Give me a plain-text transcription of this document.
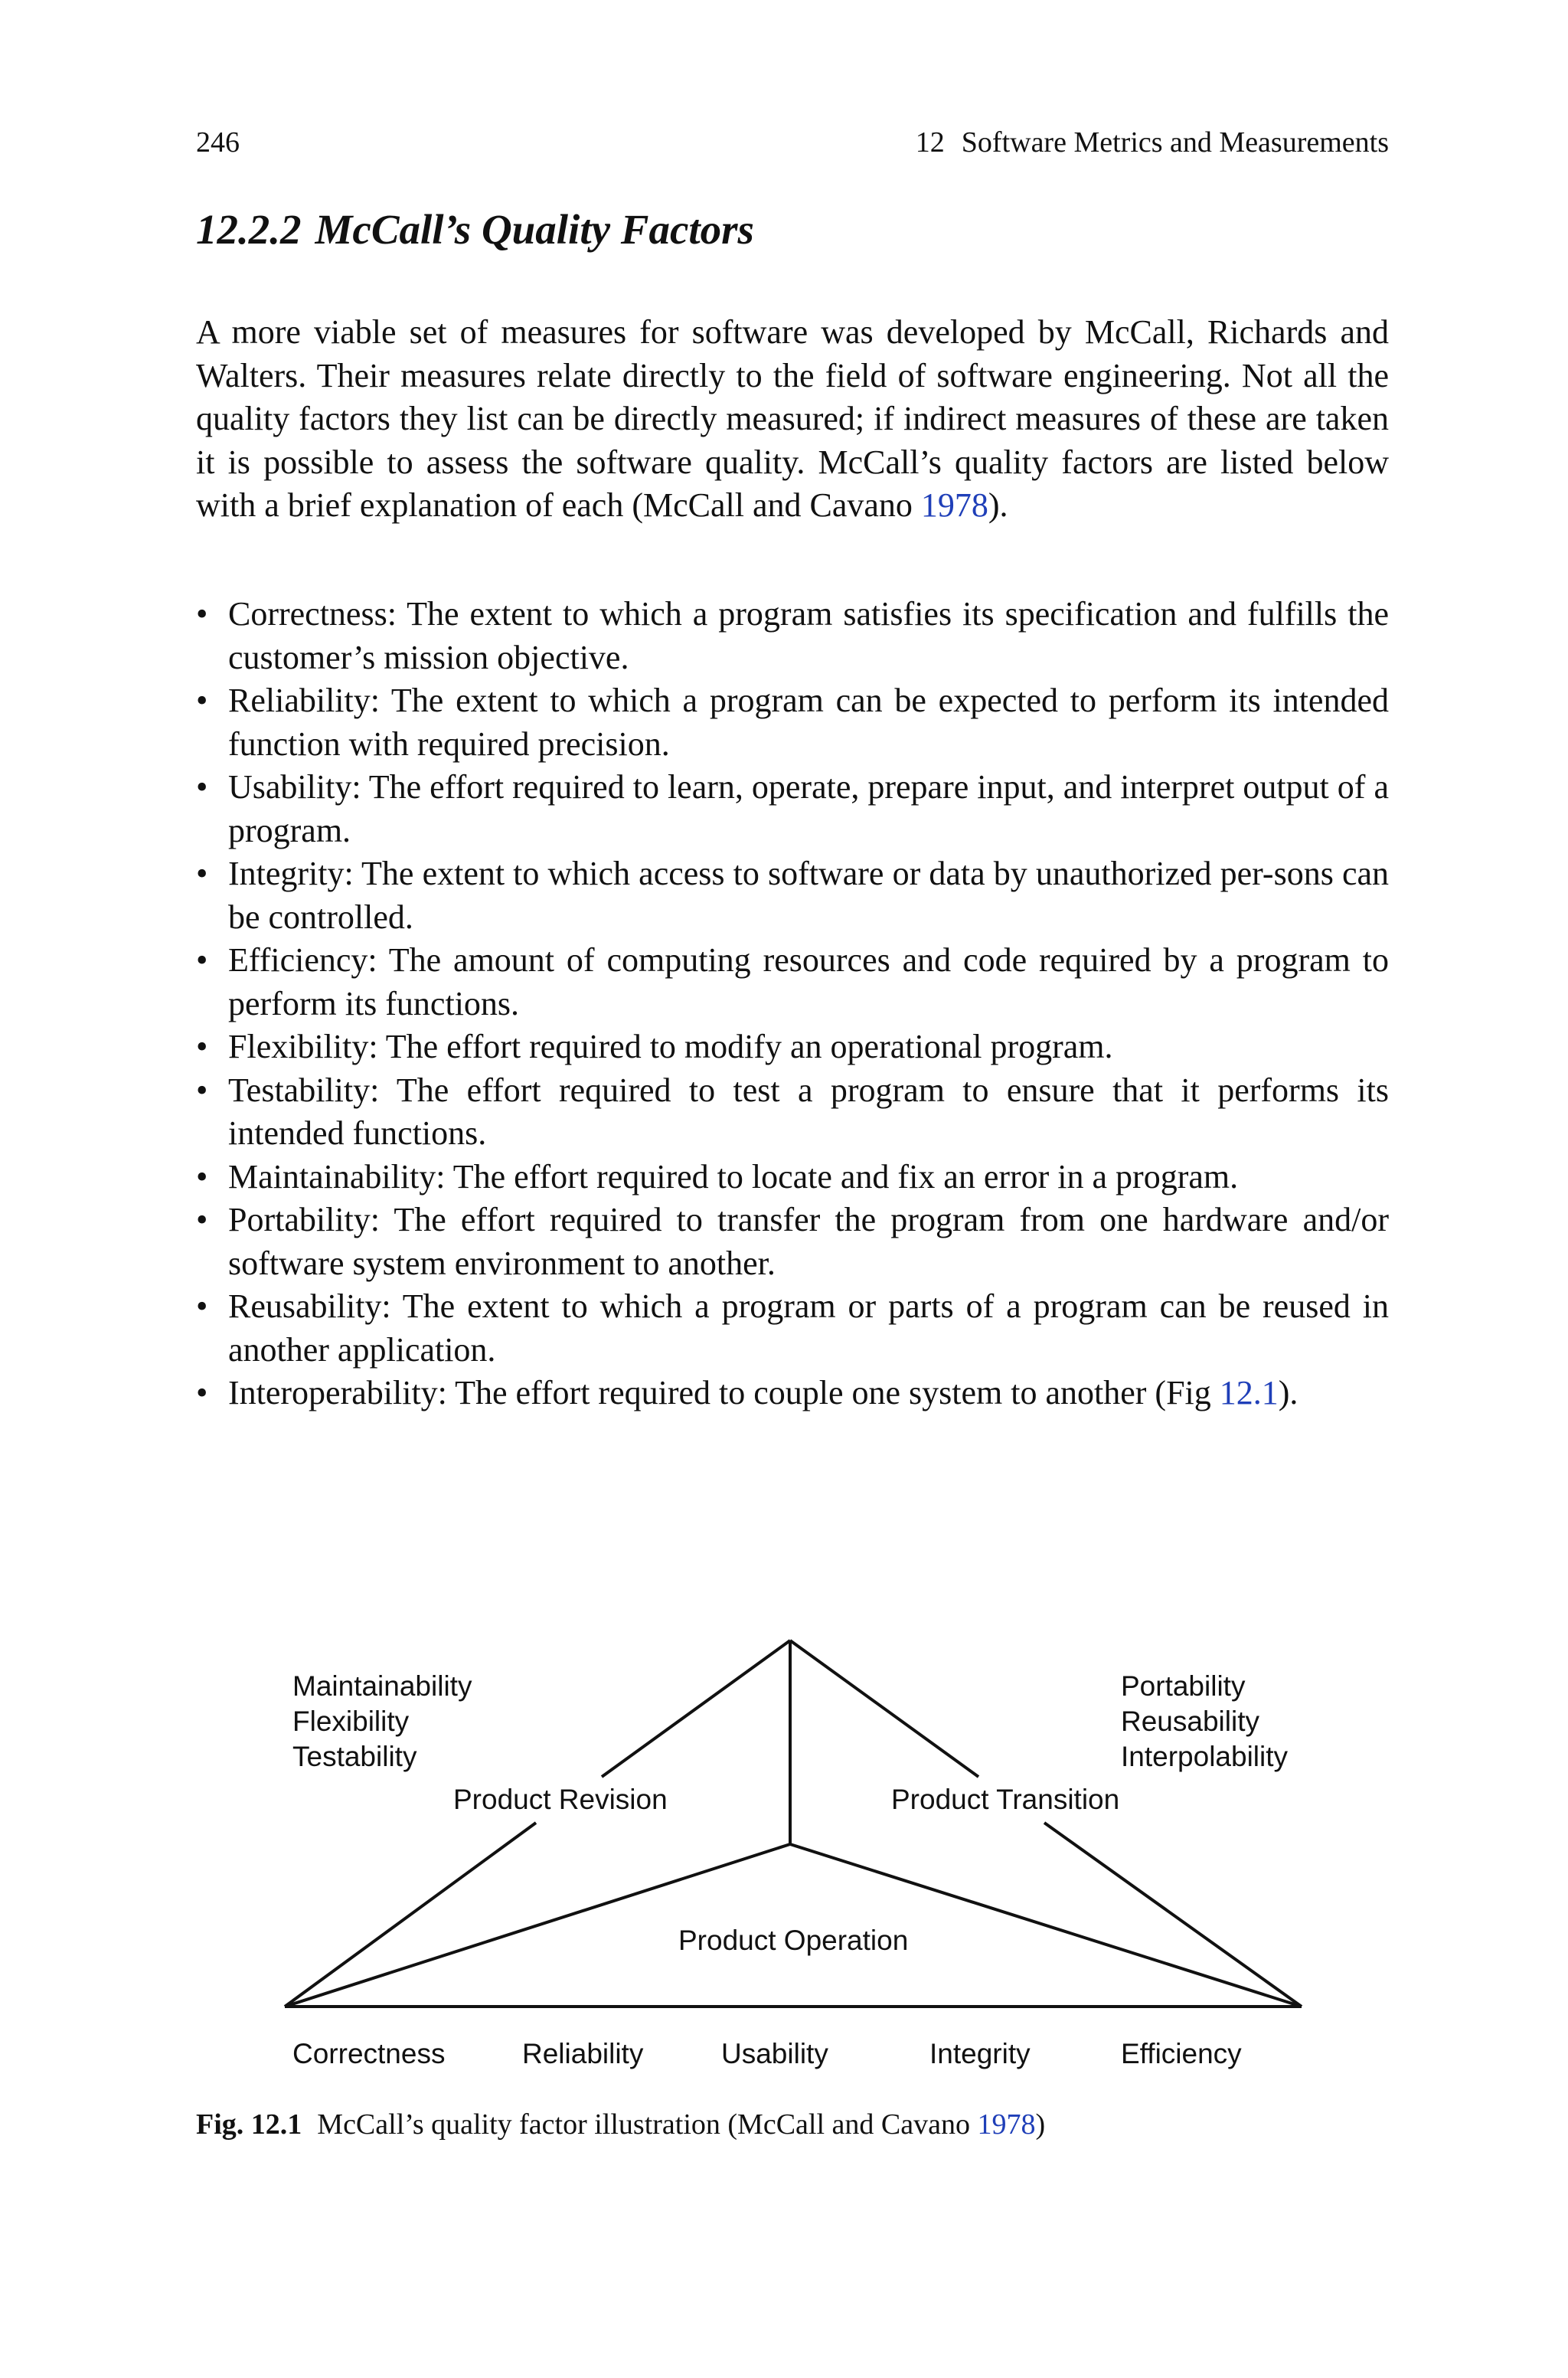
246	12 Software Metrics and Measurements
12.2.2 McCall’s Quality Factors

A more viable set of measures for software was developed by McCall, Richards and Walters. Their measures relate directly to the field of software engineering. Not all the quality factors they list can be directly measured; if indirect measures of these are taken it is possible to assess the software quality. McCall’s quality factors are listed below with a brief explanation of each (McCall and Cavano 1978).

• Correctness: The extent to which a program satisfies its specification and fulfills the customer’s mission objective.
• Reliability: The extent to which a program can be expected to perform its intended function with required precision.
• Usability: The effort required to learn, operate, prepare input, and interpret output of a program.
• Integrity: The extent to which access to software or data by unauthorized per-sons can be controlled.
• Efficiency: The amount of computing resources and code required by a program to perform its functions.
• Flexibility: The effort required to modify an operational program.
• Testability: The effort required to test a program to ensure that it performs its intended functions.
• Maintainability: The effort required to locate and fix an error in a program.
• Portability: The effort required to transfer the program from one hardware and/​or software system environment to another.
• Reusability: The extent to which a program or parts of a program can be reused in another application.
• Interoperability: The effort required to couple one system to another (Fig 12.1).
Maintainability
Flexibility
Testability
Product Revision
Portability
Reusability
Interpolability
Product Transition
Product Operation
Correctness	Reliability	Usability	Integrity	Efficiency

Fig. 12.1 McCall’s quality factor illustration (McCall and Cavano 1978)
